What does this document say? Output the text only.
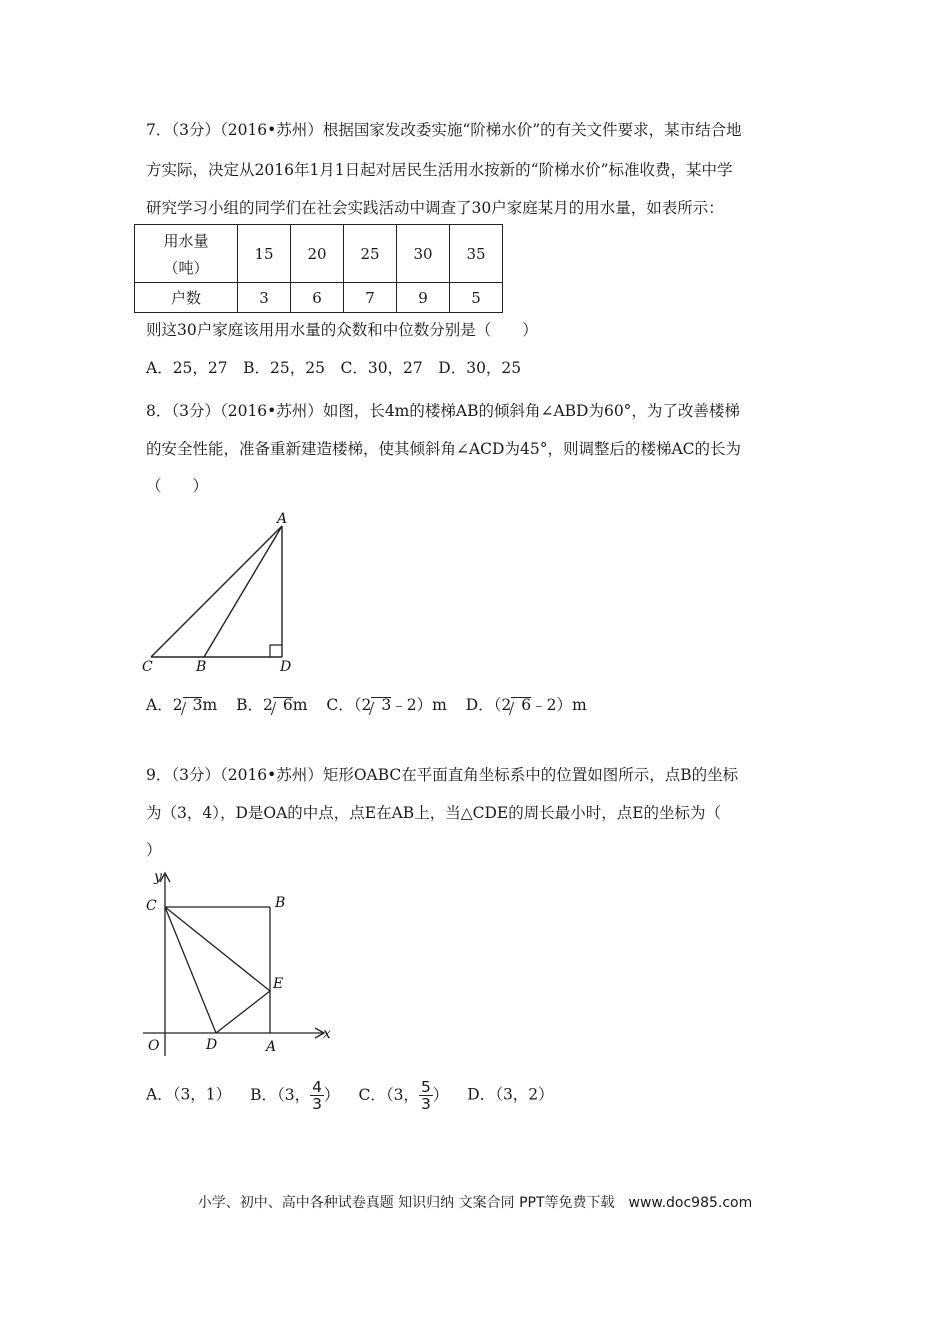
7．（3分）（2016•苏州）根据国家发改委实施“阶梯水价”的有关文件要求，某市结合地
方实际，决定从2016年1月1日起对居民生活用水按新的“阶梯水价”标准收费，某中学
研究学习小组的同学们在社会实践活动中调查了30户家庭某月的用水量，如表所示：
用水量
（吨）	15	20	25	30	35
户数	3	6	7	9	5
则这30户家庭该用用水量的众数和中位数分别是（　　）
A．25，27　B．25，25　C．30，27　D．30，25
8．（3分）（2016•苏州）如图，长4m的楼梯AB的倾斜角∠ABD为60°，为了改善楼梯
的安全性能，准备重新建造楼梯，使其倾斜角∠ACD为45°，则调整后的楼梯AC的长为
（　　）
A
C	B	D
A．2 3m B．2 6m C．（2 3﹣2）m D．（2 6﹣2）m
9．（3分）（2016•苏州）矩形OABC在平面直角坐标系中的位置如图所示，点B的坐标
为（3，4），D是OA的中点，点E在AB上，当△CDE的周长最小时，点E的坐标为（
）
y
C	B
E
x
O	D	A
A．（3，1） B．（3， $\frac{4}{3}$ ） C．（3， $\frac{5}{3}$ ） D．（3，2）
小学、初中、高中各种试卷真题 知识归纳 文案合同 PPT等免费下载　www.doc985.com
